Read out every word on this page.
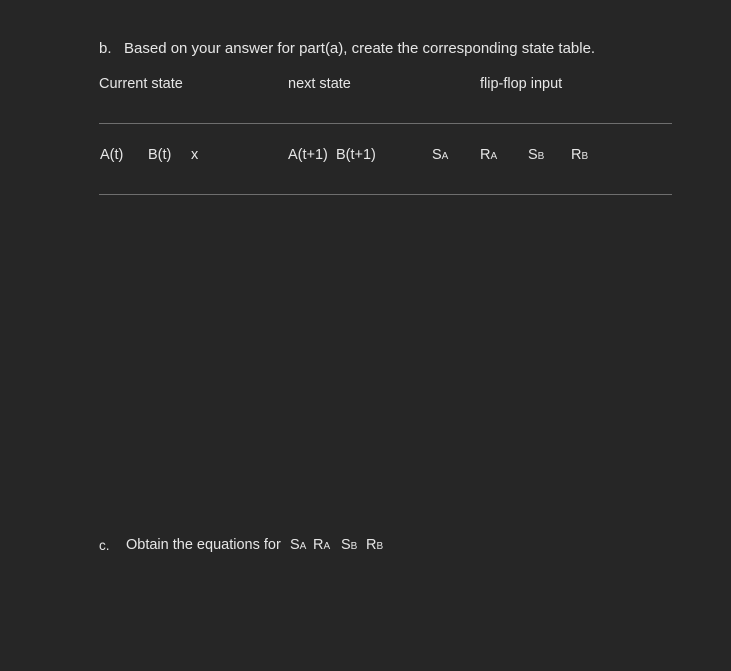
b. Based on your answer for part(a), create the corresponding state table.
Current state	next state	flip-flop input
A(t) B(t) x	A(t+1) B(t+1)	SA RA SB RB
c. Obtain the equations for SA RA SB RB
